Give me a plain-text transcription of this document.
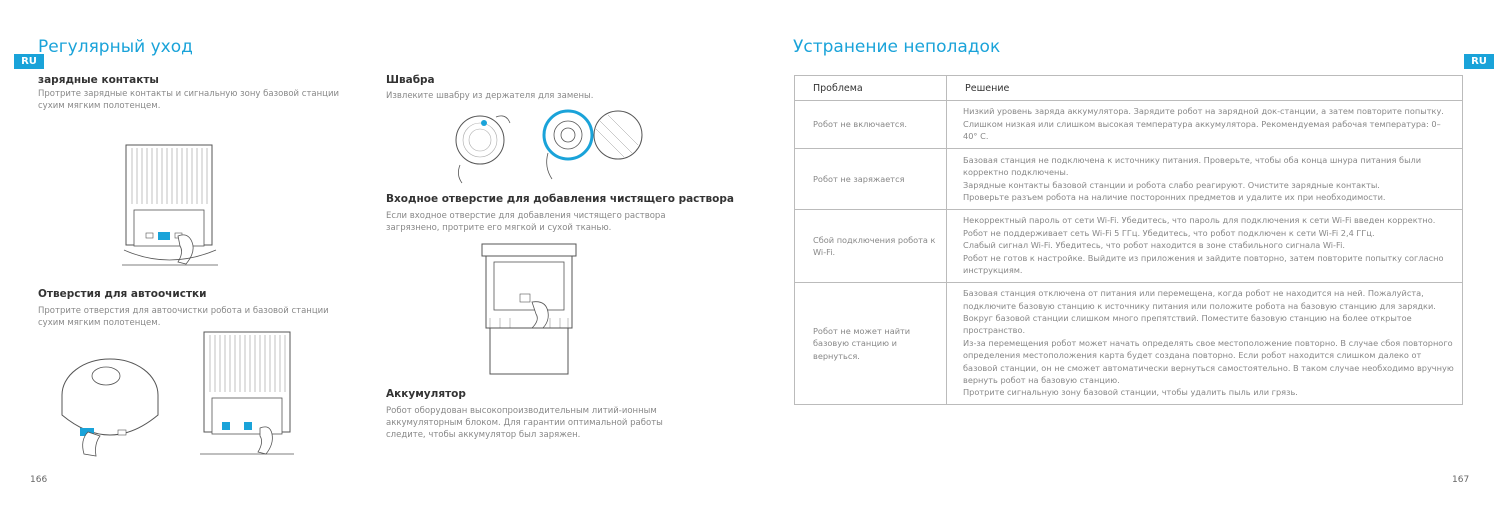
RU
Регулярный уход
зарядные контакты

Протрите зарядные контакты и сигнальную зону базовой станции сухим мягким полотенцем.

Отверстия для автоочистки

Протрите отверстия для автоочистки робота и базовой станции сухим мягким полотенцем.

166
Швабра

Извлеките швабру из держателя для замены.

Входное отверстие для добавления чистящего раствора

Если входное отверстие для добавления чистящего раствора загрязнено, протрите его мягкой и сухой тканью.

Аккумулятор

Робот оборудован высокопроизводительным литий-ионным аккумуляторным блоком. Для гарантии оптимальной работы следите, чтобы аккумулятор был заряжен.

Устранение неполадок
RU
Проблема	Решение
Робот не включается.	Низкий уровень заряда аккумулятора. Зарядите робот на зарядной док-станции, а затем повторите попытку.
Слишком низкая или слишком высокая температура аккумулятора. Рекомендуемая рабочая температура: 0–40° C.

Робот не заряжается	Базовая станция не подключена к источнику питания. Проверьте, чтобы оба конца шнура питания были корректно подключены.
Зарядные контакты базовой станции и робота слабо реагируют. Очистите зарядные контакты.
Проверьте разъем робота на наличие посторонних предметов и удалите их при необходимости.

Сбой подключения робота к Wi-Fi.	Некорректный пароль от сети Wi-Fi. Убедитесь, что пароль для подключения к сети Wi-Fi введен корректно.
Робот не поддерживает сеть Wi-Fi 5 ГГц. Убедитесь, что робот подключен к сети Wi-Fi 2,4 ГГц.
Слабый сигнал Wi-Fi. Убедитесь, что робот находится в зоне стабильного сигнала Wi-Fi.
Робот не готов к настройке. Выйдите из приложения и зайдите повторно, затем повторите попытку согласно инструкциям.

Робот не может найти базовую станцию и вернуться.	Базовая станция отключена от питания или перемещена, когда робот не находится на ней. Пожалуйста, подключите базовую станцию к источнику питания или положите робота на базовую станцию для зарядки.
Вокруг базовой станции слишком много препятствий. Поместите базовую станцию на более открытое пространство.
Из-за перемещения робот может начать определять свое местоположение повторно. В случае сбоя повторного определения местоположения карта будет создана повторно. Если робот находится слишком далеко от базовой станции, он не сможет автоматически вернуться самостоятельно. В таком случае необходимо вручную вернуть робот на базовую станцию.
Протрите сигнальную зону базовой станции, чтобы удалить пыль или грязь.
167
